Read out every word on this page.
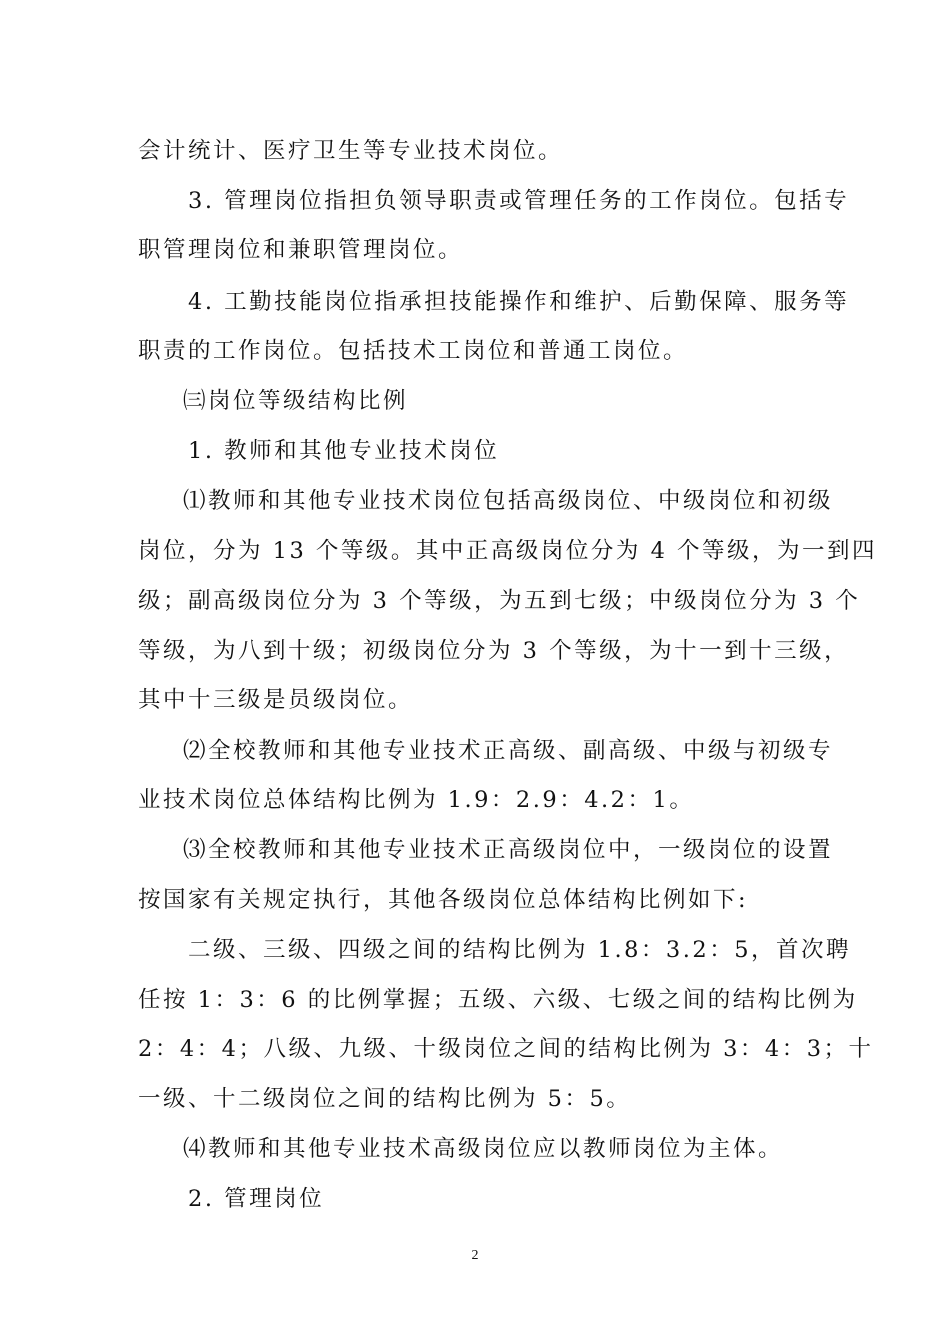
会计统计、医疗卫生等专业技术岗位。
3. 管理岗位指担负领导职责或管理任务的工作岗位。包括专
职管理岗位和兼职管理岗位。
4. 工勤技能岗位指承担技能操作和维护、后勤保障、服务等
职责的工作岗位。包括技术工岗位和普通工岗位。
㈢岗位等级结构比例
1. 教师和其他专业技术岗位
⑴教师和其他专业技术岗位包括高级岗位、中级岗位和初级
岗位，分为 13 个等级。其中正高级岗位分为 4 个等级，为一到四
级；副高级岗位分为 3 个等级，为五到七级；中级岗位分为 3 个
等级，为八到十级；初级岗位分为 3 个等级，为十一到十三级，
其中十三级是员级岗位。
⑵全校教师和其他专业技术正高级、副高级、中级与初级专
业技术岗位总体结构比例为 1.9：2.9：4.2：1。
⑶全校教师和其他专业技术正高级岗位中，一级岗位的设置
按国家有关规定执行，其他各级岗位总体结构比例如下:
二级、三级、四级之间的结构比例为 1.8：3.2：5，首次聘
任按 1：3：6 的比例掌握；五级、六级、七级之间的结构比例为
2：4：4；八级、九级、十级岗位之间的结构比例为 3：4：3；十
一级、十二级岗位之间的结构比例为 5：5。
⑷教师和其他专业技术高级岗位应以教师岗位为主体。
2. 管理岗位
2
